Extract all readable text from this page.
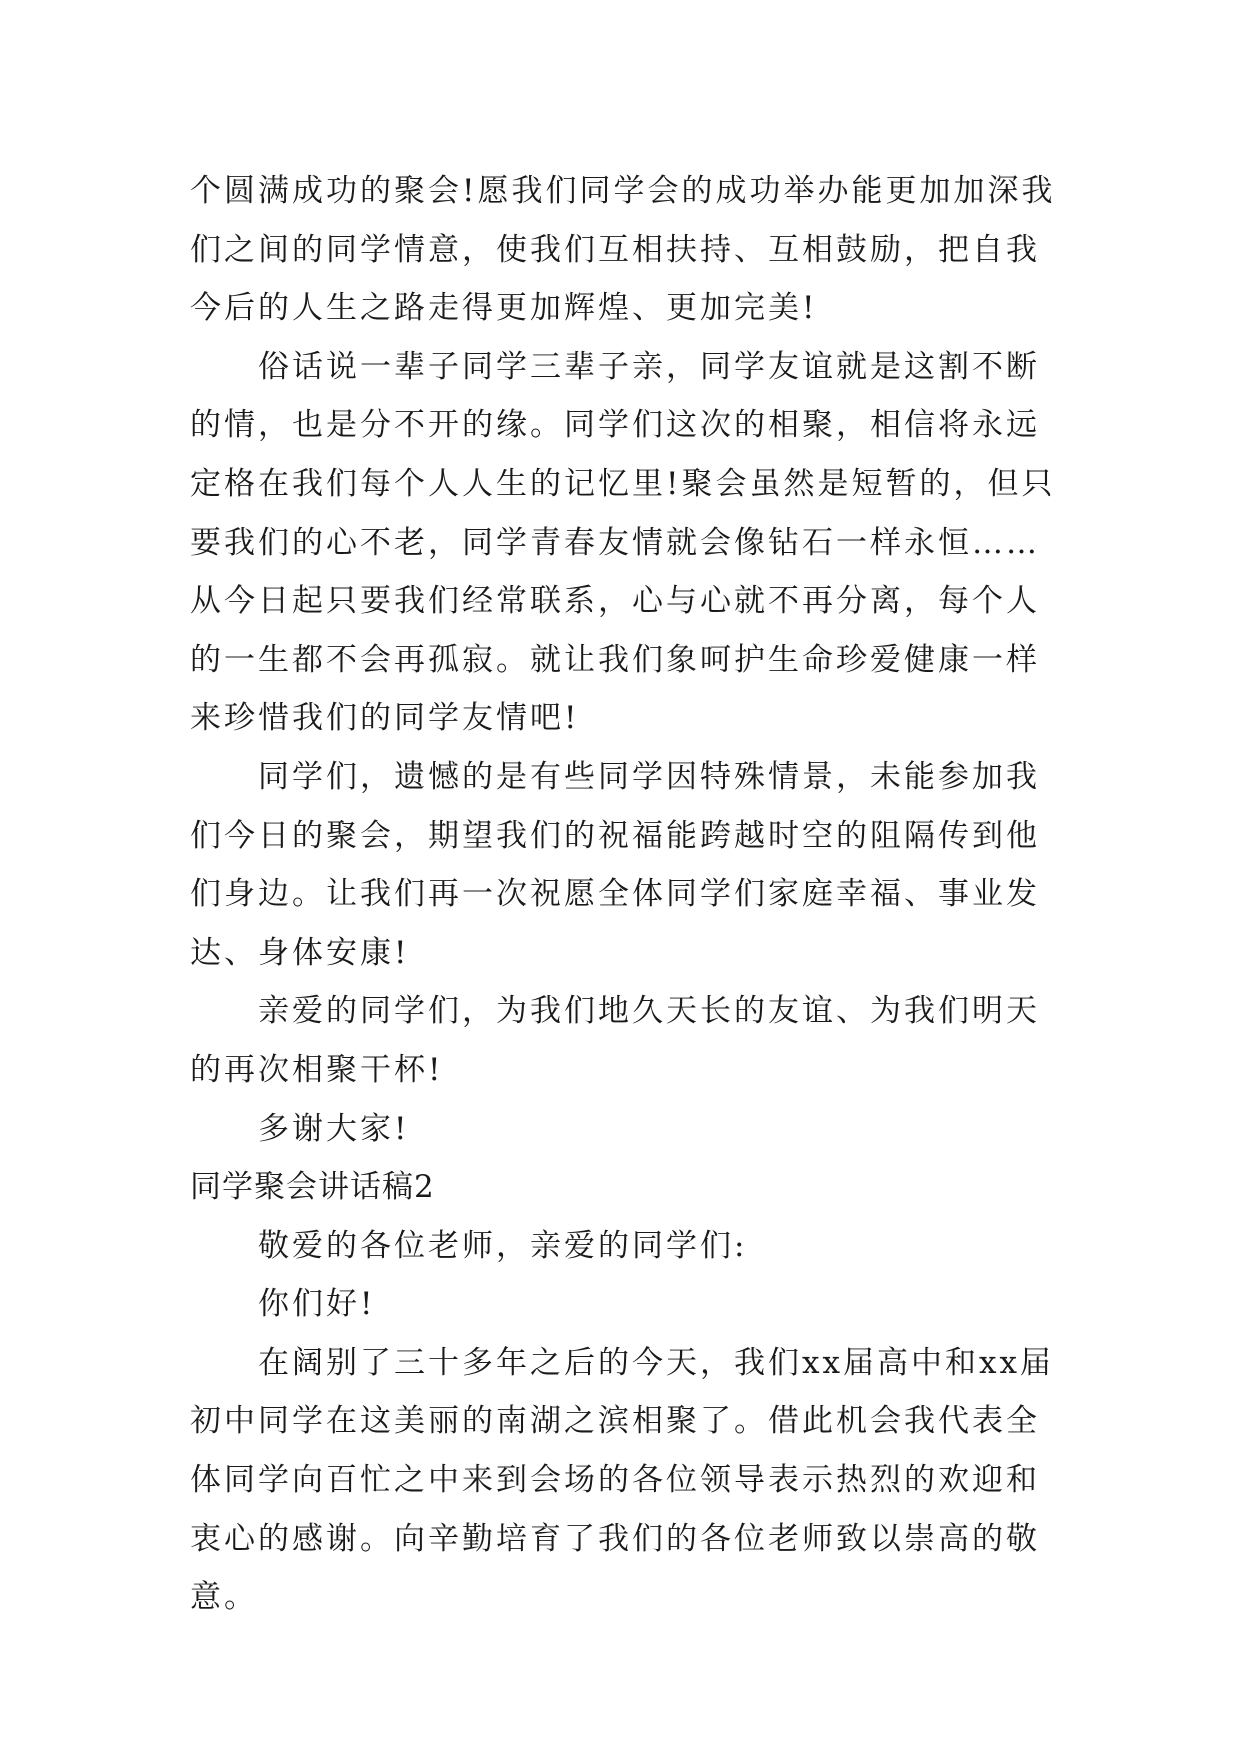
个圆满成功的聚会!愿我们同学会的成功举办能更加加深我们之间的同学情意，使我们互相扶持、互相鼓励，把自我今后的人生之路走得更加辉煌、更加完美!

俗话说一辈子同学三辈子亲，同学友谊就是这割不断的情，也是分不开的缘。同学们这次的相聚，相信将永远定格在我们每个人人生的记忆里!聚会虽然是短暂的，但只要我们的心不老，同学青春友情就会像钻石一样永恒……从今日起只要我们经常联系，心与心就不再分离，每个人的一生都不会再孤寂。就让我们象呵护生命珍爱健康一样来珍惜我们的同学友情吧!

同学们，遗憾的是有些同学因特殊情景，未能参加我们今日的聚会，期望我们的祝福能跨越时空的阻隔传到他们身边。让我们再一次祝愿全体同学们家庭幸福、事业发达、身体安康!

亲爱的同学们，为我们地久天长的友谊、为我们明天的再次相聚干杯!

多谢大家!

同学聚会讲话稿2

敬爱的各位老师，亲爱的同学们:

你们好!

在阔别了三十多年之后的今天，我们xx届高中和xx届初中同学在这美丽的南湖之滨相聚了。借此机会我代表全体同学向百忙之中来到会场的各位领导表示热烈的欢迎和衷心的感谢。向辛勤培育了我们的各位老师致以崇高的敬意。
